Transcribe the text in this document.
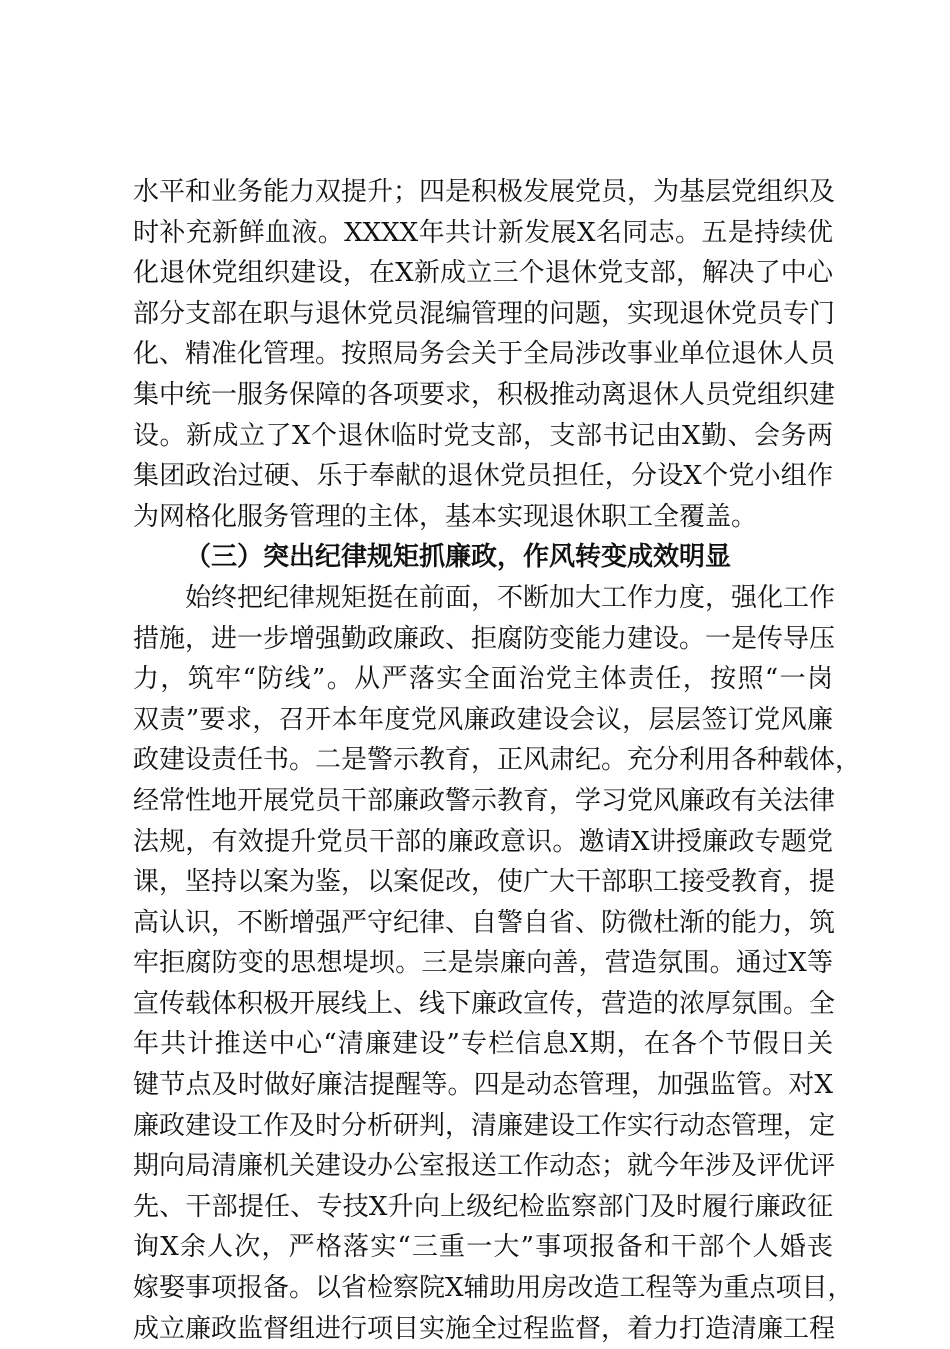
水平和业务能力双提升；四是积极发展党员，为基层党组织及
时补充新鲜血液。XXXX年共计新发展X名同志。五是持续优
化退休党组织建设，在X新成立三个退休党支部，解决了中心
部分支部在职与退休党员混编管理的问题，实现退休党员专门
化、精准化管理。按照局务会关于全局涉改事业单位退休人员
集中统一服务保障的各项要求，积极推动离退休人员党组织建
设。新成立了X个退休临时党支部，支部书记由X勤、会务两
集团政治过硬、乐于奉献的退休党员担任，分设X个党小组作
为网格化服务管理的主体，基本实现退休职工全覆盖。
（三）突出纪律规矩抓廉政，作风转变成效明显
始终把纪律规矩挺在前面，不断加大工作力度，强化工作
措施，进一步增强勤政廉政、拒腐防变能力建设。一是传导压
力，筑牢“防线”。从严落实全面治党主体责任，按照“一岗
双责”要求，召开本年度党风廉政建设会议，层层签订党风廉
政建设责任书。二是警示教育，正风肃纪。充分利用各种载体，
经常性地开展党员干部廉政警示教育，学习党风廉政有关法律
法规，有效提升党员干部的廉政意识。邀请X讲授廉政专题党
课，坚持以案为鉴，以案促改，使广大干部职工接受教育，提
高认识，不断增强严守纪律、自警自省、防微杜渐的能力，筑
牢拒腐防变的思想堤坝。三是崇廉向善，营造氛围。通过X等
宣传载体积极开展线上、线下廉政宣传，营造的浓厚氛围。全
年共计推送中心“清廉建设”专栏信息X期，在各个节假日关
键节点及时做好廉洁提醒等。四是动态管理，加强监管。对X
廉政建设工作及时分析研判，清廉建设工作实行动态管理，定
期向局清廉机关建设办公室报送工作动态；就今年涉及评优评
先、干部提任、专技X升向上级纪检监察部门及时履行廉政征
询X余人次，严格落实“三重一大”事项报备和干部个人婚丧
嫁娶事项报备。以省检察院X辅助用房改造工程等为重点项目，
成立廉政监督组进行项目实施全过程监督，着力打造清廉工程
